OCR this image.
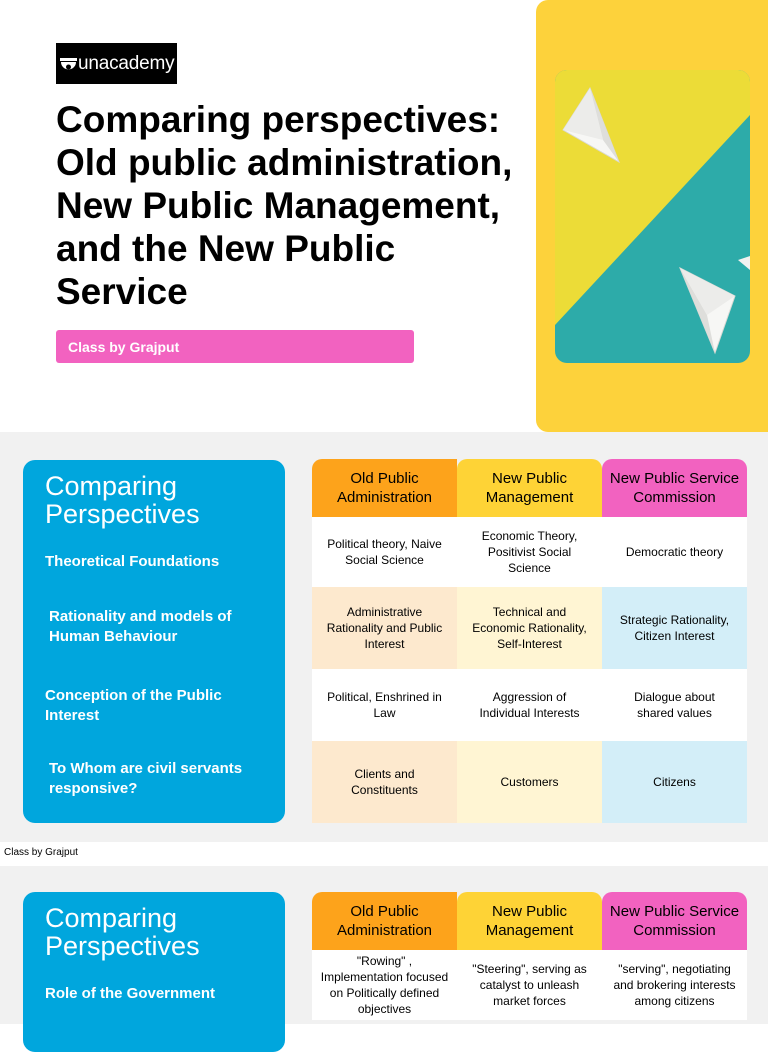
unacademy
Comparing perspectives: Old public administration, New Public Management, and the New Public Service
Class by Grajput
Comparing Perspectives
Theoretical Foundations
Rationality and models of Human Behaviour
Conception of the Public Interest
To Whom are civil servants responsive?
Old Public Administration
New Public Management
New Public Service Commission
Political theory, Naive Social Science
Economic Theory, Positivist Social Science
Democratic theory
Administrative Rationality and Public Interest
Technical and Economic Rationality, Self-Interest
Strategic Rationality, Citizen Interest
Political, Enshrined in Law
Aggression of Individual Interests
Dialogue about shared values
Clients and Constituents
Customers	Citizens
Class by Grajput
Comparing Perspectives
Role of the Government
Old Public Administration
New Public Management
New Public Service Commission
"Rowing" , Implementation focused on Politically defined objectives
"Steering", serving as catalyst to unleash market forces
"serving", negotiating and brokering interests among citizens
